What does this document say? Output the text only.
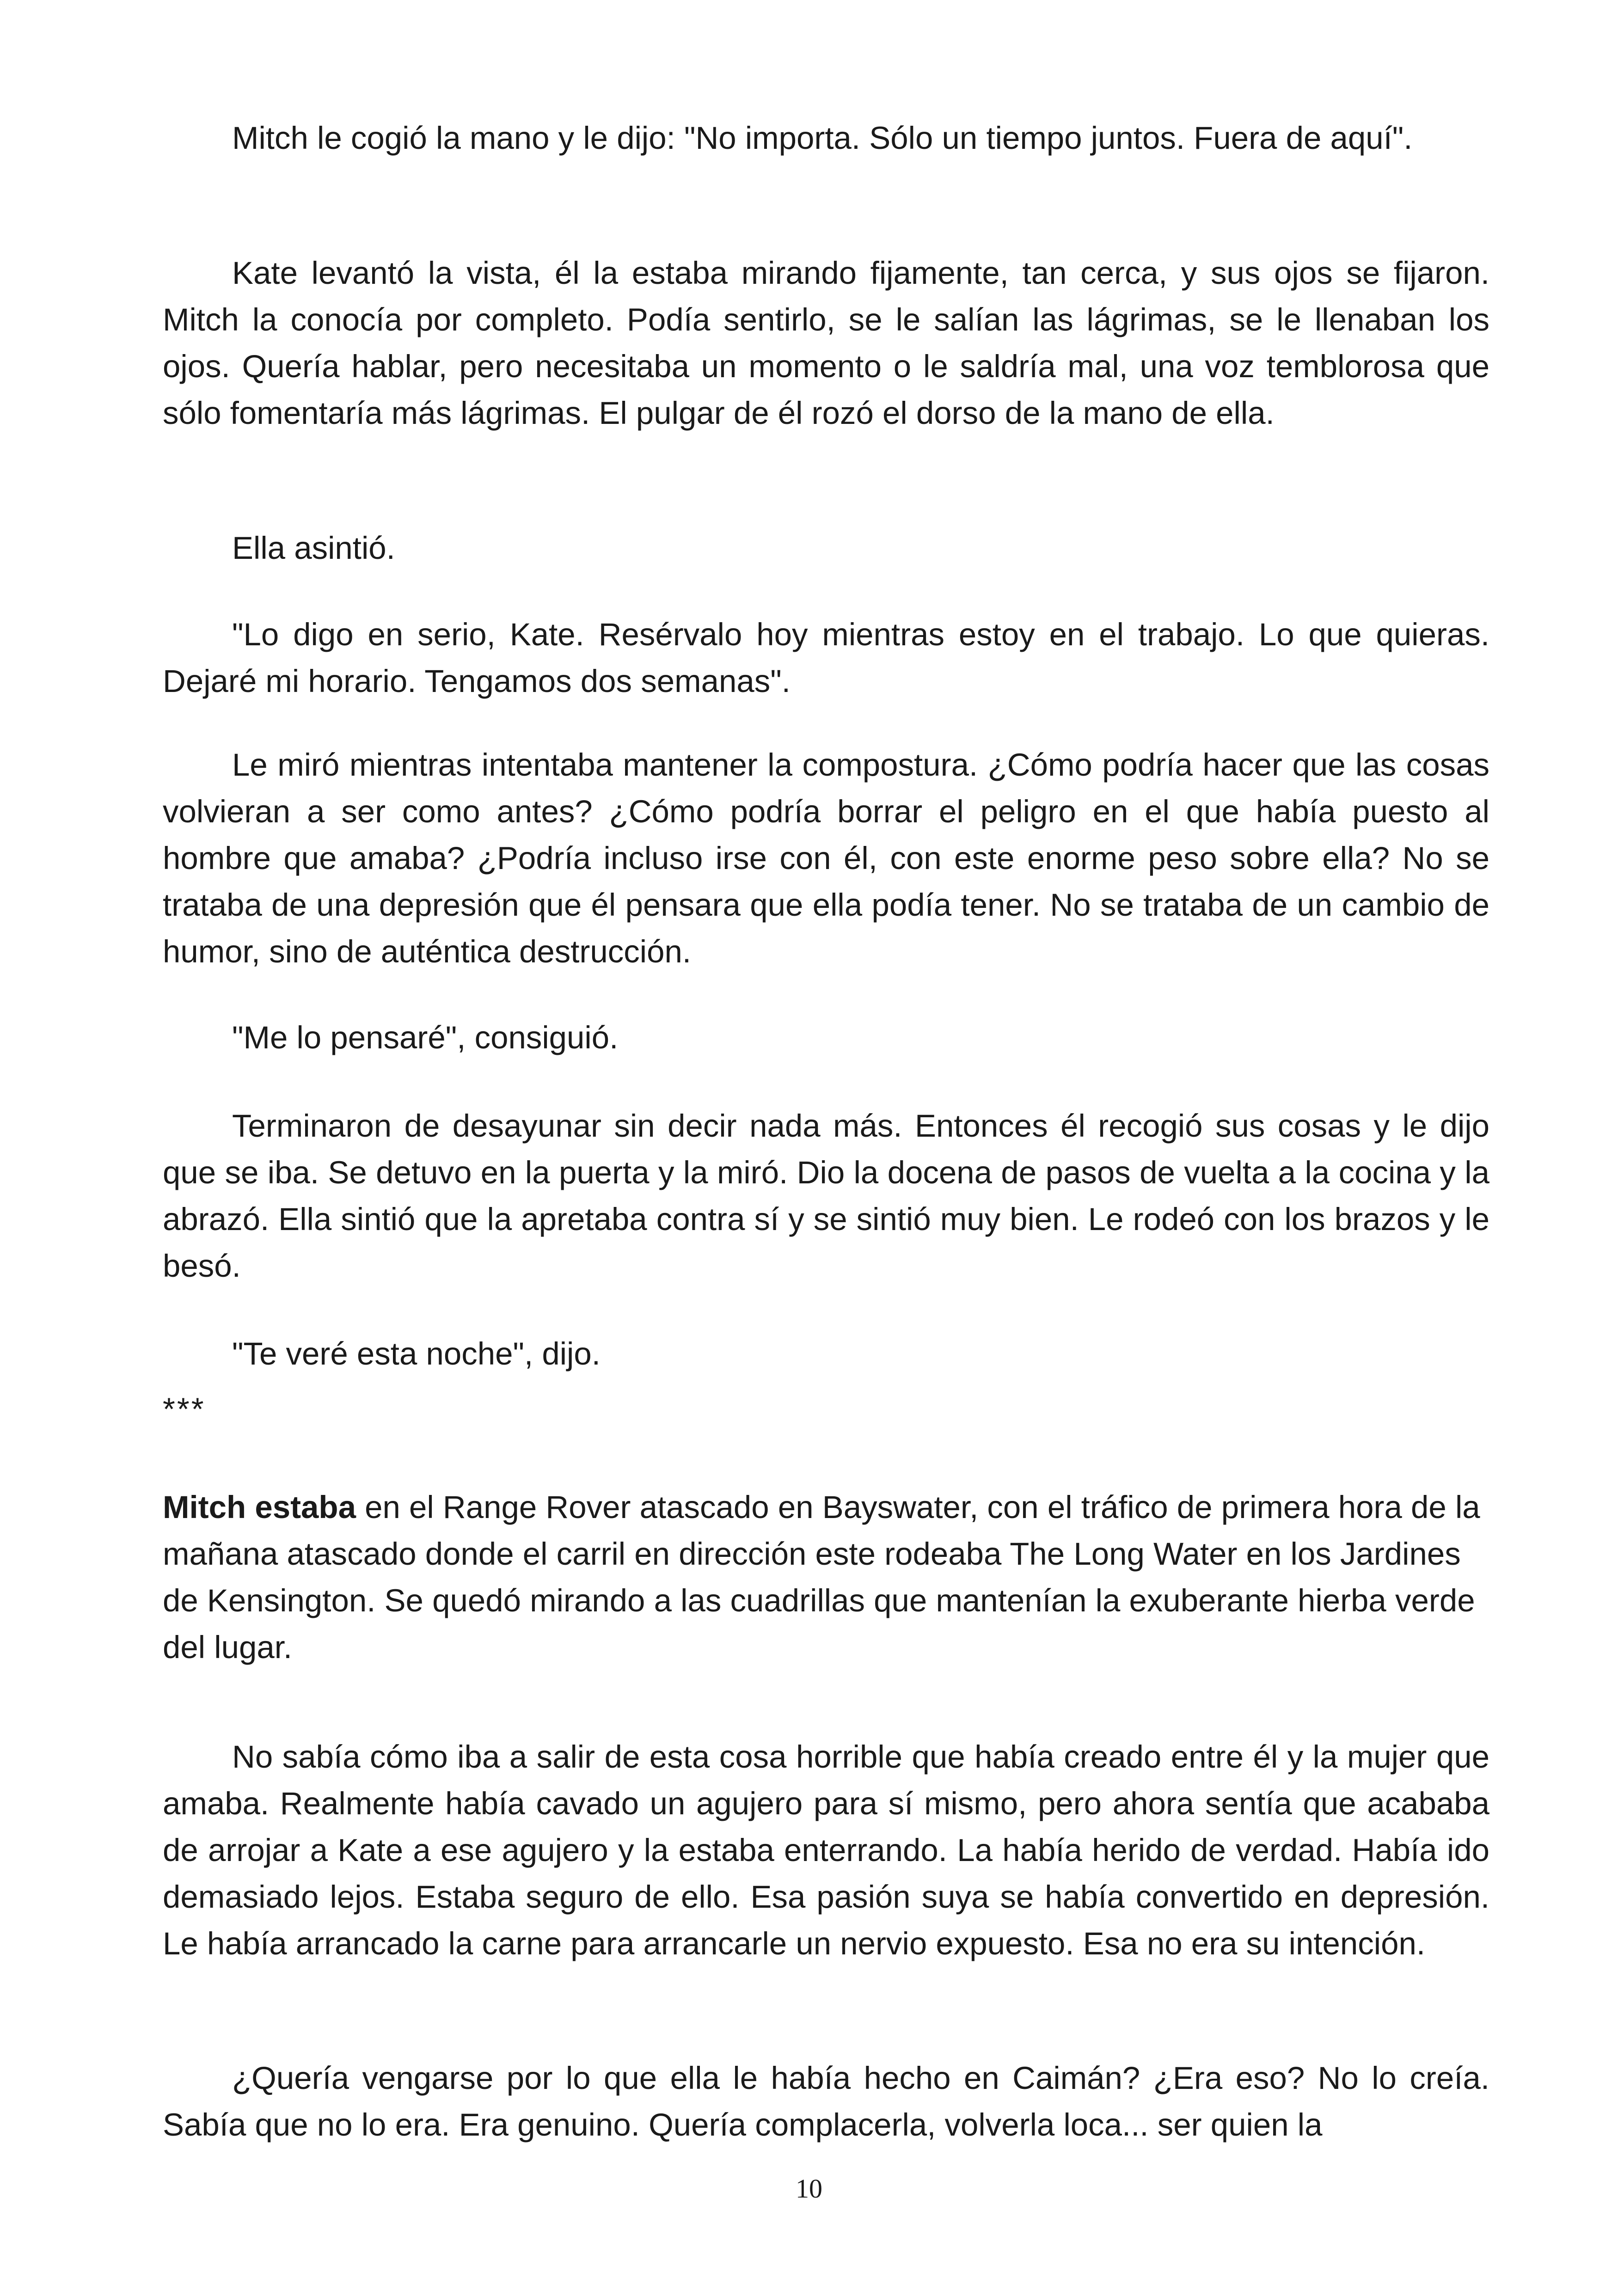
Mitch le cogió la mano y le dijo: "No importa. Sólo un tiempo juntos. Fuera de aquí".

Kate levantó la vista, él la estaba mirando fijamente, tan cerca, y sus ojos se fijaron. Mitch la conocía por completo. Podía sentirlo, se le salían las lágrimas, se le llenaban los ojos. Quería hablar, pero necesitaba un momento o le saldría mal, una voz temblorosa que sólo fomentaría más lágrimas. El pulgar de él rozó el dorso de la mano de ella.

Ella asintió.

"Lo digo en serio, Kate. Resérvalo hoy mientras estoy en el trabajo. Lo que quieras. Dejaré mi horario. Tengamos dos semanas".

Le miró mientras intentaba mantener la compostura. ¿Cómo podría hacer que las cosas volvieran a ser como antes? ¿Cómo podría borrar el peligro en el que había puesto al hombre que amaba? ¿Podría incluso irse con él, con este enorme peso sobre ella? No se trataba de una depresión que él pensara que ella podía tener. No se trataba de un cambio de humor, sino de auténtica destrucción.

"Me lo pensaré", consiguió.

Terminaron de desayunar sin decir nada más. Entonces él recogió sus cosas y le dijo que se iba. Se detuvo en la puerta y la miró. Dio la docena de pasos de vuelta a la cocina y la abrazó. Ella sintió que la apretaba contra sí y se sintió muy bien. Le rodeó con los brazos y le besó.

"Te veré esta noche", dijo.

***

Mitch estaba en el Range Rover atascado en Bayswater, con el tráfico de primera hora de la mañana atascado donde el carril en dirección este rodeaba The Long Water en los Jardines de Kensington. Se quedó mirando a las cuadrillas que mantenían la exuberante hierba verde del lugar.

No sabía cómo iba a salir de esta cosa horrible que había creado entre él y la mujer que amaba. Realmente había cavado un agujero para sí mismo, pero ahora sentía que acababa de arrojar a Kate a ese agujero y la estaba enterrando. La había herido de verdad. Había ido demasiado lejos. Estaba seguro de ello. Esa pasión suya se había convertido en depresión. Le había arrancado la carne para arrancarle un nervio expuesto. Esa no era su intención.

¿Quería vengarse por lo que ella le había hecho en Caimán? ¿Era eso? No lo creía. Sabía que no lo era. Era genuino. Quería complacerla, volverla loca... ser quien la

10
